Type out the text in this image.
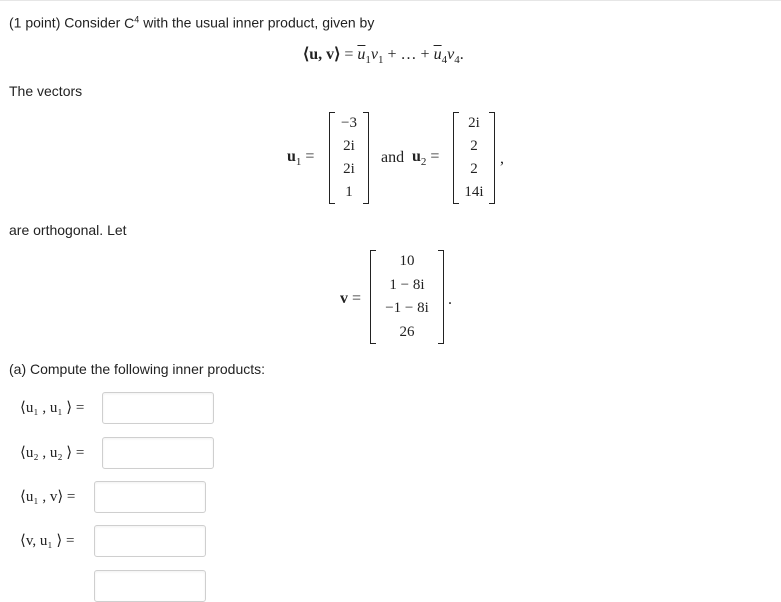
(1 point) Consider $C^4$ with the usual inner product, given by
⟨u, v⟩ = $\overline{u}_1v_1$ + … + $\overline{u}_4v_4$.
The vectors
$u_1$ =
−3
2i
2i
1
and $u_2$ =
2i
2
2
14i
,
are orthogonal. Let
v =
10
1 − 8i
−1 − 8i
26
.
(a) Compute the following inner products:
⟨u₁ , u₁ ⟩ =
⟨u₂ , u₂ ⟩ =
⟨u₁ , v⟩ =
⟨v, u₁ ⟩ =
